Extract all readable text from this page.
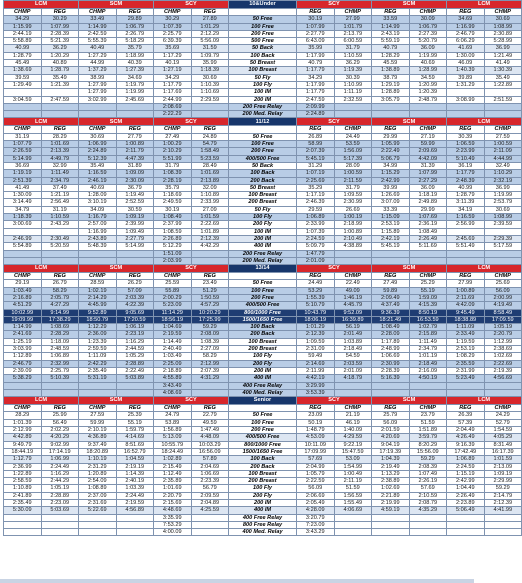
LCM		SCM		SCY		10&Under	SCY		SCM		LCM	
CHMP	REG	CHMP	REG	CHMP	REG		REG	CHMP	REG	CHMP	REG	CHMP
34.29	30.29	33.49	29.89	30.29	27.89	50 Free	30.19	27.99	33.59	30.09	34.69	30.69
1:15.99	1:07.99	1:14.99	1:06.79	1:07.39	1:01.29	100 Free	1:07.99	1:01.79	1:14.99	1:06.79	1:16.99	1:08.99
2:44.19	2:28.39	2:42.59	2:26.79	2:25.79	2:12.29	200 Free	2:27.79	2:13.79	2:43.19	2:27.39	2:46.79	2:30.89
5:58.89	5:21.39	5:55.39	5:18.29	6:39.39	5:56.09	500 Free	6:43.09	6:00.59	5:59.19	5:20.79	6:06.29	5:28.99
40.99	36.29	40.49	35.79	35.69	31.59	50 Back	35.99	31.79	40.79	36.09	41.69	36.99
1:28.79	1:20.29	1:27.29	1:18.99	1:17.29	1:09.79	100 Back	1:17.99	1:10.59	1:28.29	1:19.99	1:30.09	1:21.49
45.49	40.89	44.99	40.39	40.19	35.99	50 Breast	40.79	36.29	45.59	40.69	46.09	41.49
1:38.69	1:28.79	1:37.29	1:27.39	1:27.19	1:18.39	100 Breast	1:17.79	1:19.39	1:38.89	1:28.99	1:40.39	1:30.39
39.59	35.49	38.99	34.69	34.29	30.69	50 Fly	34.29	30.39	38.79	34.59	39.89	35.49
1:29.49	1:21.39	1:27.99	1:19.79	1:17.79	1:10.39	100 Fly	1:17.99	1:10.99	1:29.19	1:20.99	1:31.29	1:22.89
		1:27.99	1:19.99	1:17.69	1:10.69	100 IM	1:17.79	1:11.19	1:28.89	1:20.39		
3:04.59	2:47.59	3:02.99	2:45.69	2:44.99	2:29.59	200 IM	2:47.59	2:32.59	3:05.79	2:48.79	3:08.99	2:51.59
				2:08.69		200 Free Relay	2:09.99					
				2:22.29		200 Med. Relay	2:24.89					
LCM		SCM		SCY		11/12	SCY		SCM		LCM	
CHMP	REG	CHMP	REG	CHMP	REG		REG	CHMP	REG	CHMP	REG	CHMP
31.19	28.29	30.69	27.79	27.49	24.89	50 Free	26.89	24.49	29.99	27.19	30.39	27.59
1:07.79	1:01.69	1:06.99	1:00.89	1:00.29	54.79	100 Free	58.99	53.59	1:05.99	59.99	1:06.59	1:00.59
2:26.59	2:13.39	2:24.89	2:11.79	2:10.29	1:58.49	200 Free	2:07.39	1:56.09	2:22.49	2:09.69	2:23.99	2:11.09
5:14.99	4:49.79	5:12.39	4:47.39	5:51.99	5:23.59	400/500 Free	5:45.19	5:17.39	5:06.79	4:42.09	5:10.49	4:44.99
36.69	32.99	35.49	31.89	31.79	28.49	50 Back	31.29	28.09	34.99	31.39	36.19	32.49
1:19.19	1:11.49	1:16.59	1:09.09	1:08.39	1:01.69	100 Back	1:07.19	1:00.59	1:15.29	1:07.99	1:17.79	1:10.29
2:51.39	2:34.79	2:46.19	2:30.09	2:28.19	2:13.89	200 Back	2:25.69	2:11.59	2:42.99	2:27.29	2:48.39	2:32.19
41.49	37.49	40.69	36.79	35.79	32.09	50 Breast	35.29	31.79	39.99	36.09	40.99	36.99
1:30.09	1:21.19	1:28.09	1:19.49	1:18.69	1:10.89	100 Breast	1:17.19	1:09.59	1:26.69	1:18.19	1:28.79	1:19.99
3:14.49	2:56.49	3:10.19	2:52.59	2:49.59	2:33.99	200 Breast	2:46.39	2:30.99	3:07.09	2:49.89	3:11.39	2:53.79
34.79	31.19	34.09	30.59	30.19	27.09	50 Fly	29.59	26.69	33.39	29.99	34.19	30.69
1:18.39	1:10.59	1:16.79	1:09.19	1:08.49	1:01.59	100 Fly	1:06.89	1:00.19	1:15.09	1:07.69	1:16.59	1:08.99
3:00.69	2:43.29	2:57.09	2:39.99	2:37.99	2:22.69	200 Fly	2:33.99	2:18.99	2:53.19	2:36.19	2:56.99	2:39.59
		1:16.99	1:09.49	1:08.59	1:01.89	100 IM	1:07.39	1:00.89	1:15.89	1:08.49		
2:46.99	2:30.49	2:43.89	2:27.79	2:26.89	2:12.39	200 IM	2:24.59	2:10.49	2:42.19	2:26.49	2:45.69	2:29.39
5:54.89	5:20.59	5:48.39	5:14.99	5:12.29	4:42.29	400 IM	5:09.79	4:38.89	5:45.19	5:11.69	5:51.49	5:17.59
				1:51.09		200 Free Relay	1:47.79					
				2:03.99		200 Med. Relay	2:01.09					
LCM		SCM		SCY		13/14	SCY		SCM		LCM	
CHMP	REG	CHMP	REG	CHMP	REG		REG	CHMP	REG	CHMP	REG	CHMP
29.19	26.79	28.59	26.29	25.59	23.49	50 Free	24.49	22.49	27.49	25.29	27.99	25.69
1:03.49	58.29	1:02.19	57.09	55.89	51.29	100 Free	53.29	49.09	59.89	55.19	1:00.89	56.09
2:16.89	2:05.79	2:14.29	2:03.39	2:00.29	1:50.59	200 Free	1:55.39	1:46.19	2:09.49	1:59.09	2:11.69	2:00.99
4:51.29	4:27.29	4:45.99	4:22.39	5:23.09	4:57.29	400/500 Free	5:10.79	4:45.79	4:37.49	4:15.39	4:42.09	4:19.49
10:02.99	9:14.99	9:52.89	9:05.69	11:14.29	10:20.29	800/1000 Free	10:43.79	9:52.09	9:36.39	8:50.19	9:45.49	8:58.49
19:09.99	17:38.29	18:50.79	17:20.59	18:56.19	17:25.99	1500/1650 Free	18:06.19	16:39.89	18:21.49	16:53.59	18:38.89	17:09.59
1:14.99	1:08.69	1:12.29	1:06.19	1:04.69	59.29	100 Back	1:01.29	56.19	1:08.49	1:02.79	1:11.09	1:05.19
2:41.69	2:28.29	2:36.09	2:23.19	2:19.59	2:08.09	200 Back	2:12.39	2:01.49	2:28.09	2:15.89	2:33.49	2:20.79
1:25.19	1:18.09	1:23.39	1:16.29	1:14.49	1:08.39	100 Breast	1:09.59	1:03.89	1:17.89	1:11.49	1:19.59	1:12.99
3:03.99	2:48.59	2:59.59	2:44.59	2:40.49	2:27.09	200 Breast	2:31.09	2:18.49	2:48.99	2:34.79	2:53.19	2:38.69
1:12.89	1:06.89	1:11.09	1:05.29	1:03.49	58.29	100 Fly	59.49	54.59	1:06.69	1:01.19	1:08.29	1:02.69
2:46.79	2:32.99	2:42.29	2:28.89	2:25.09	2:12.99	200 Fly	2:14.69	2:03.59	2:30.99	2:18.49	2:35.59	2:22.69
2:39.09	2:25.79	2:35.49	2:22.49	2:18.89	2:07.39	200 IM	2:11.99	2:01.09	2:28.39	2:16.09	2:31.99	2:19.39
5:38.29	5:10.39	5:31.19	5:03.89	4:55.89	4:31.29	400 IM	4:42.19	4:18.79	5:16.39	4:50.19	5:23.49	4:56.69
				3:43.49		400 Free Relay	3:29.99					
				4:08.69		400 Med. Relay	3:53.39					
LCM		SCM		SCY		Senior	SCY		SCM		LCM	
CHMP	REG	CHMP	REG	CHMP	REG		REG	CHMP	REG	CHMP	REG	CHMP
28.29	25.99	27.59	25.39	24.79	22.79	50 Free	23.09	21.19	25.79	23.79	26.39	24.29
1:01.39	56.49	59.99	55.19	53.89	49.59	100 Free	50.19	46.19	56.09	51.59	57.39	52.79
2:12.99	2:02.29	2:10.19	1:59.79	1:56.89	1:47.49	200 Free	1:48.79	1:40.09	2:01.59	1:51.89	2:04.49	1:54.59
4:42.89	4:20.29	4:36.89	4:14.69	5:13.09	4:48.09	400/500 Free	4:53.09	4:29.59	4:20.69	3:59.79	4:26.49	4:05.29
9:49.79	9:02.99	9:37.49	8:51.69	10:55.79	10:03.29	800/1000 Free	10:11.09	9:22.19	9:04.19	8:20.29	9:16.39	8:31.49
18:44.19	17:14.19	18:20.89	16:52.79	18:24.49	16:56.09	1500/1650 Free	17:09.99	15:47.59	17:19.39	15:56.09	17:42.49	16:17.39
1:12.79	1:06.99	1:10.19	1:04.59	1:02.89	57.89	100 Back	57.69	53.09	1:04.39	59.29	1:06.89	1:01.59
2:36.99	2:24.49	2:31.29	2:19.19	2:15.49	2:04.69	200 Back	2:04.99	1:54.99	2:19.49	2:08.39	2:24.59	2:13.09
1:22.89	1:16.29	1:20.89	1:14.39	1:12.49	1:06.69	100 Breast	1:05.79	1:00.49	1:13.29	1:07.49	1:15.19	1:09.19
2:58.59	2:44.29	2:54.09	2:40.19	2:35.89	2:23.39	200 Breast	2:22.59	2:11.19	2:38.89	2:26.19	2:42.99	2:29.99
1:10.89	1:05.19	1:08.89	1:03.39	1:01.69	56.79	100 Fly	56.09	51.59	1:02.69	57.69	1:04.49	59.29
2:41.89	2:28.89	2:37.09	2:24.49	2:20.79	2:09.59	200 Fly	2:06.69	1:56.59	2:21.89	2:10.59	2:26.49	2:14.79
2:35.49	2:23.09	2:31.69	2:19.59	2:15.69	2:04.89	200 IM	2:05.49	1:55.49	2:19.99	2:08.79	2:23.89	2:12.39
5:30.09	5:03.69	5:22.69	4:56.89	4:48.69	4:25.59	400 IM	4:28.09	4:06.69	4:59.19	4:35.29	5:06.49	4:41.99
				3:35.99		400 Free Relay	3:20.79					
				7:53.29		800 Free Relay	7:23.09					
				4:00.09		400 Med. Relay	3:43.29					
